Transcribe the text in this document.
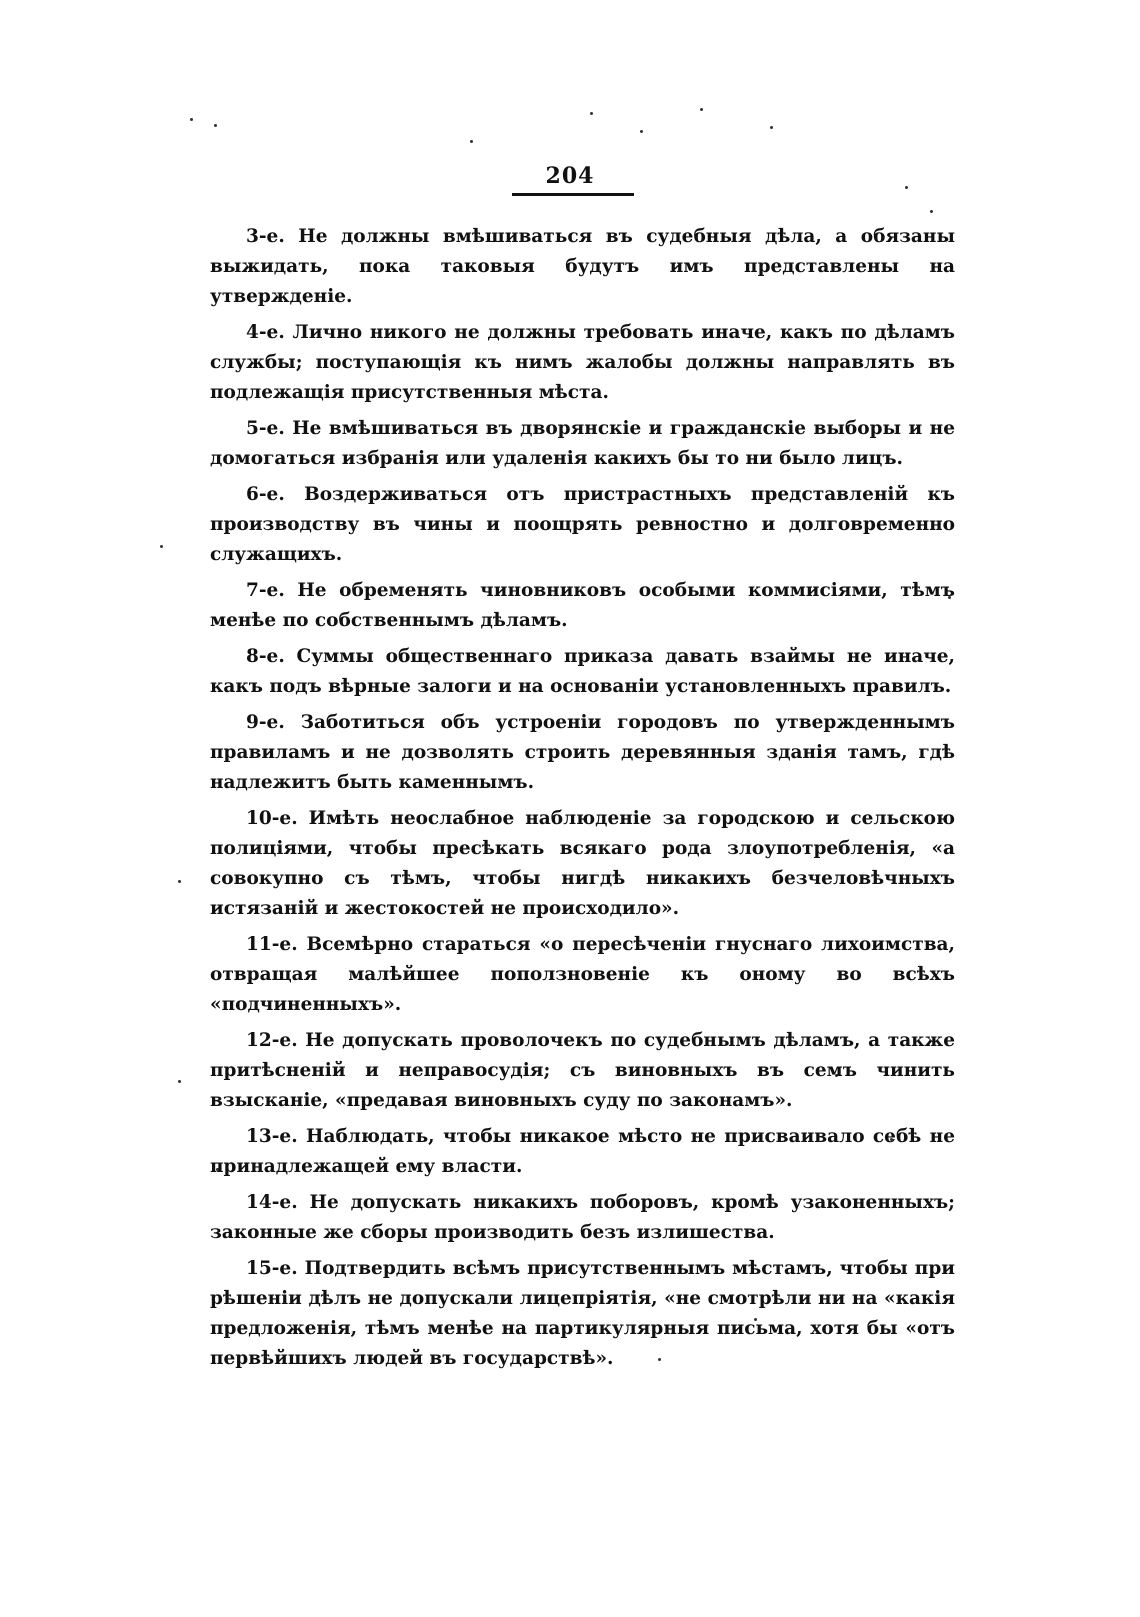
204

3-е. Не должны вмѣшиваться въ судебныя дѣла, а обязаны выжидать, пока таковыя будутъ имъ представлены на утвержденіе.

4-е. Лично никого не должны требовать иначе, какъ по дѣламъ службы; поступающія къ нимъ жалобы должны направлять въ подлежащія присутственныя мѣста.

5-е. Не вмѣшиваться въ дворянскіе и гражданскіе выборы и не домогаться избранія или удаленія какихъ бы то ни было лицъ.

6-е. Воздерживаться отъ пристрастныхъ представленій къ производству въ чины и поощрять ревностно и долговременно служащихъ.

7-е. Не обременять чиновниковъ особыми коммисіями, тѣмъ менѣе по собственнымъ дѣламъ.

8-е. Суммы общественнаго приказа давать взаймы не иначе, какъ подъ вѣрные залоги и на основаніи установленныхъ правилъ.

9-е. Заботиться объ устроеніи городовъ по утвержденнымъ правиламъ и не дозволять строить деревянныя зданія тамъ, гдѣ надлежитъ быть каменнымъ.

10-е. Имѣть неослабное наблюденіе за городскою и сельскою полиціями, чтобы пресѣкать всякаго рода злоупотребленія, «а совокупно съ тѣмъ, чтобы нигдѣ никакихъ безчеловѣчныхъ истязаній и жестокостей не происходило».

11-е. Всемѣрно стараться «о пересѣченіи гнуснаго лихоимства, отвращая малѣйшее поползновеніе къ оному во всѣхъ «подчиненныхъ».

12-е. Не допускать проволочекъ по судебнымъ дѣламъ, а также притѣсненій и неправосудія; съ виновныхъ въ семъ чинить взысканіе, «предавая виновныхъ суду по законамъ».

13-е. Наблюдать, чтобы никакое мѣсто не присваивало себѣ не принадлежащей ему власти.

14-е. Не допускать никакихъ поборовъ, кромѣ узаконенныхъ; законные же сборы производить безъ излишества.

15-е. Подтвердить всѣмъ присутственнымъ мѣстамъ, чтобы при рѣшеніи дѣлъ не допускали лицепріятія, «не смотрѣли ни на «какія предложенія, тѣмъ менѣе на партикулярныя письма, хотя бы «отъ первѣйшихъ людей въ государствѣ».
